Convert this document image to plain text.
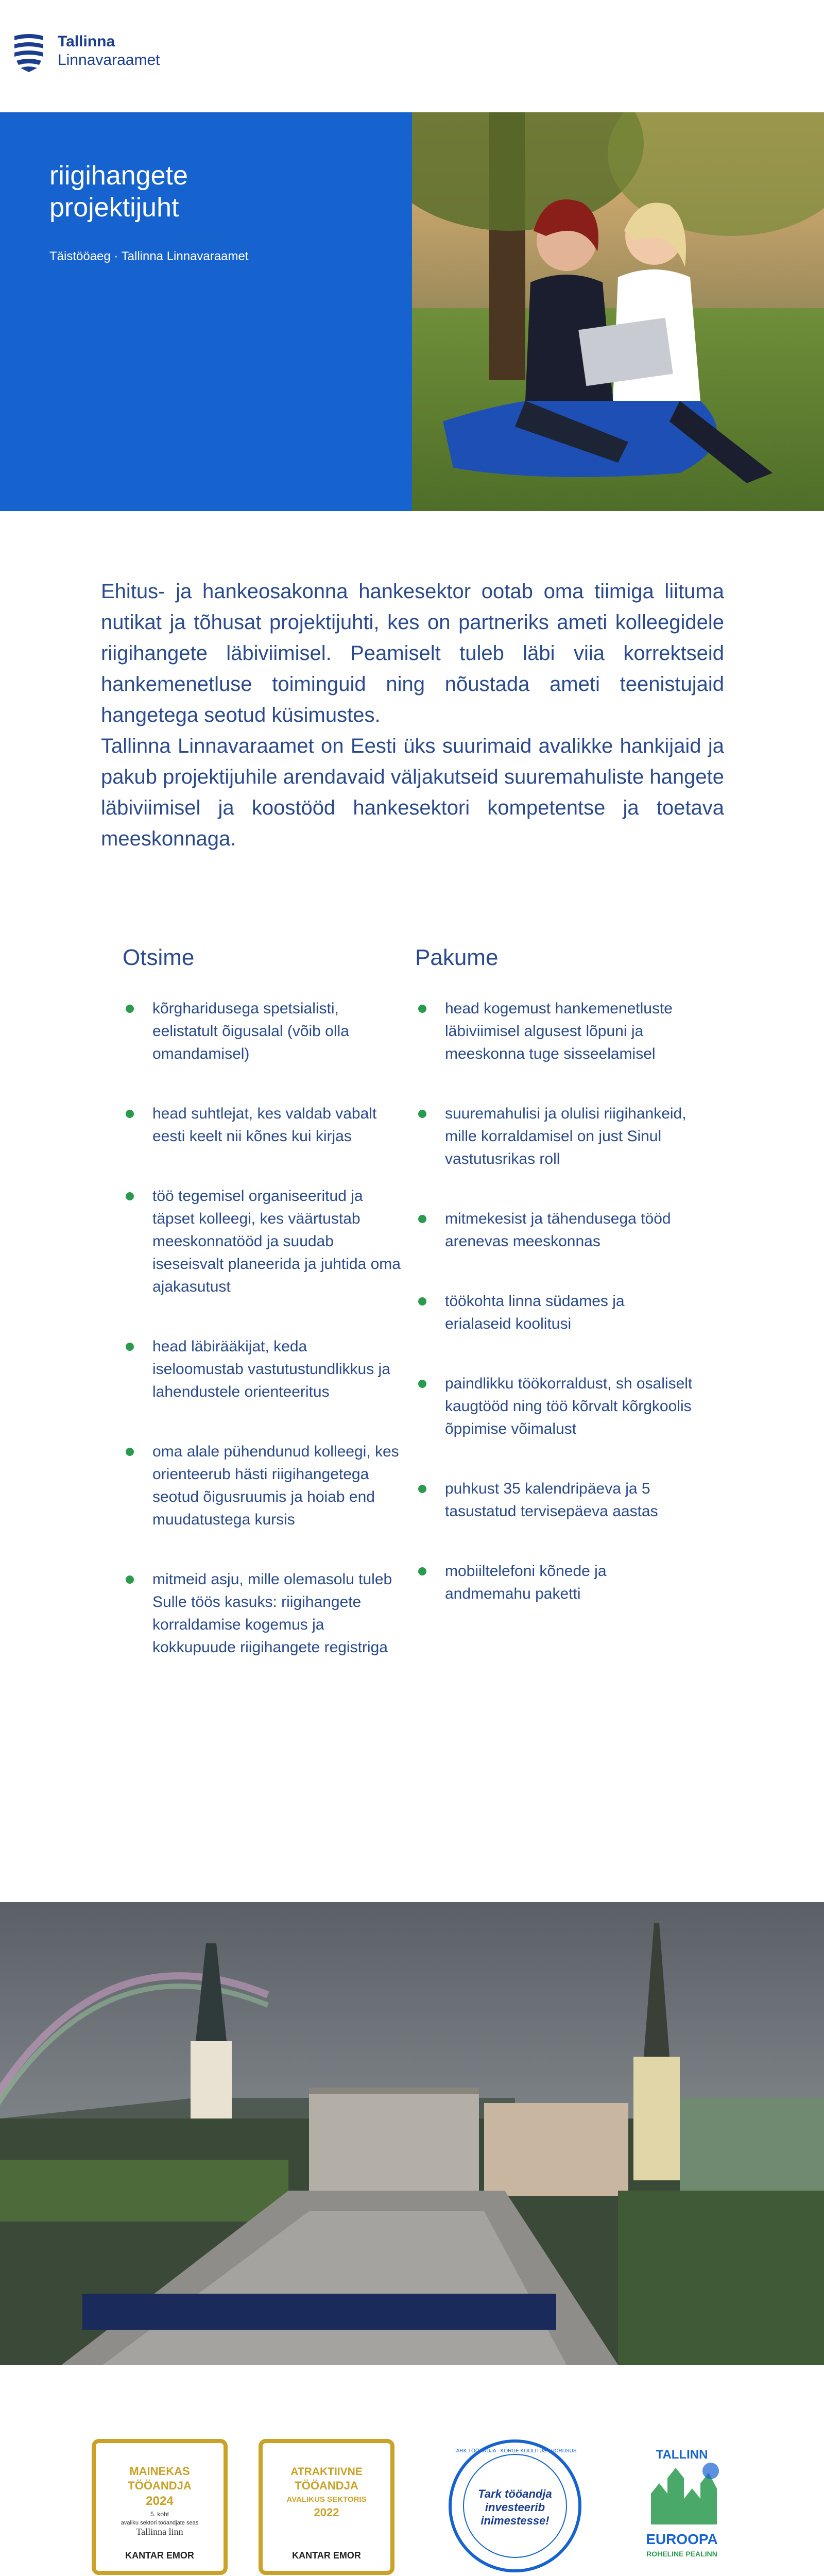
Tallinna
Linnavaraamet
riigihangete
projektijuht
Täistööaeg · Tallinna Linnavaraamet

Ehitus- ja hankeosakonna hankesektor ootab oma tiimiga liituma nutikat ja tõhusat projektijuhti, kes on partneriks ameti kolleegidele riigihangete läbiviimisel. Peamiselt tuleb läbi viia korrektseid hankemenetluse toiminguid ning nõustada ameti teenistujaid hangetega seotud küsimustes.

Tallinna Linnavaraamet on Eesti üks suurimaid avalikke hankijaid ja pakub projektijuhile arendavaid väljakutseid suuremahuliste hangete läbiviimisel ja koostööd hankesektori kompetentse ja toetava meeskonnaga.

Otsime
kõrgharidusega spetsialisti, eelistatult õigusalal (võib olla omandamisel)
head suhtlejat, kes valdab vabalt eesti keelt nii kõnes kui kirjas
töö tegemisel organiseeritud ja täpset kolleegi, kes väärtustab meeskonnatööd ja suudab iseseisvalt planeerida ja juhtida oma ajakasutust
head läbirääkijat, keda iseloomustab vastutustundlikkus ja lahendustele orienteeritus
oma alale pühendunud kolleegi, kes orienteerub hästi riigihangetega seotud õigusruumis ja hoiab end muudatustega kursis
mitmeid asju, mille olemasolu tuleb Sulle töös kasuks: riigihangete korraldamise kogemus ja kokkupuude riigihangete registriga
Pakume
head kogemust hankemenetluste läbiviimisel algusest lõpuni ja meeskonna tuge sisseelamisel
suuremahulisi ja olulisi riigihankeid, mille korraldamisel on just Sinul vastutusrikas roll
mitmekesist ja tähendusega tööd arenevas meeskonnas
töökohta linna südames ja erialaseid koolitusi
paindlikku töökorraldust, sh osaliselt kaugtööd ning töö kõrvalt kõrgkoolis õppimise võimalust
puhkust 35 kalendripäeva ja 5 tasustatud tervisepäeva aastas
mobiiltelefoni kõnede ja andmemahu paketti
MAINEKAS
TÖÖANDJA
2024
5. koht
avaliku sektori tööandjate seas
Tallinna linn
KANTAR EMOR
ATRAKTIIVNE
TÖÖANDJA
AVALIKUS SEKTORIS
2022
KANTAR EMOR
TARK TÖÖANDJA · KÕRGE KOOLITUS · VÕRDSUS
Tark tööandja
investeerib
inimestesse!
TALLINN
EUROOPA
ROHELINE PEALINN
